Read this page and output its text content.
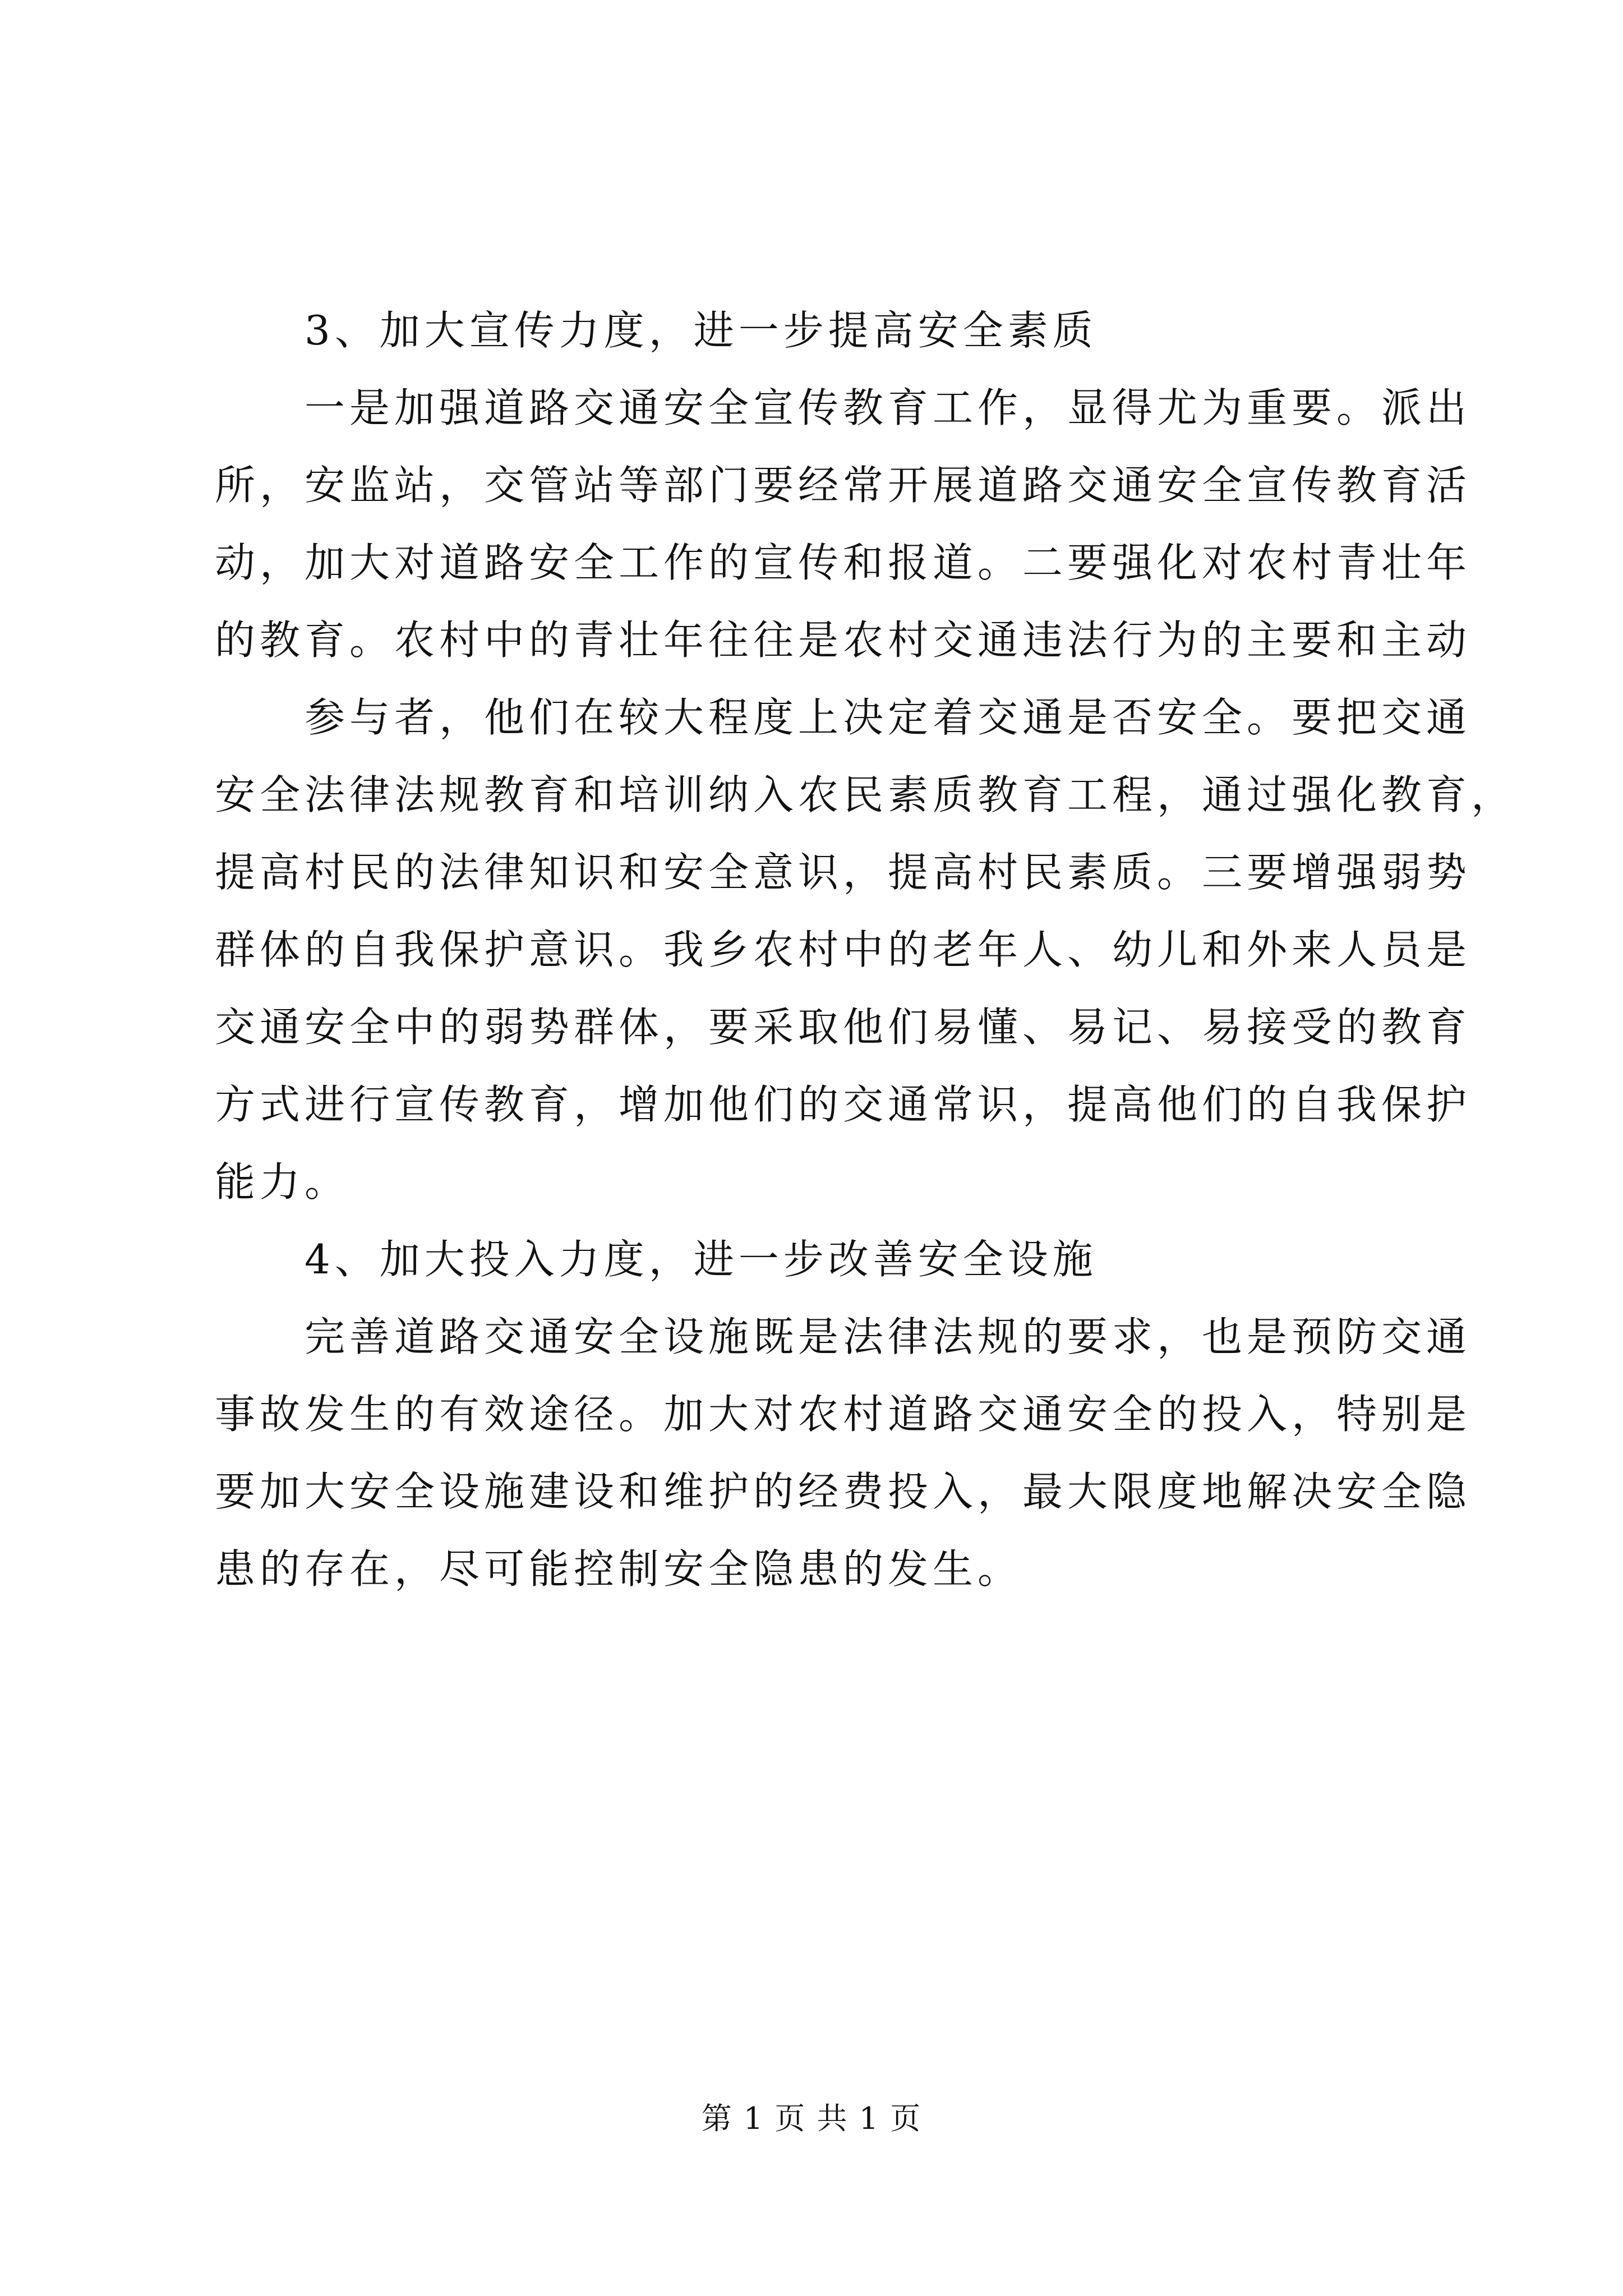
3、加大宣传力度，进一步提高安全素质
一是加强道路交通安全宣传教育工作，显得尤为重要。派出
所，安监站，交管站等部门要经常开展道路交通安全宣传教育活
动，加大对道路安全工作的宣传和报道。二要强化对农村青壮年
的教育。农村中的青壮年往往是农村交通违法行为的主要和主动
参与者，他们在较大程度上决定着交通是否安全。要把交通
安全法律法规教育和培训纳入农民素质教育工程，通过强化教育，
提高村民的法律知识和安全意识，提高村民素质。三要增强弱势
群体的自我保护意识。我乡农村中的老年人、幼儿和外来人员是
交通安全中的弱势群体，要采取他们易懂、易记、易接受的教育
方式进行宣传教育，增加他们的交通常识，提高他们的自我保护
能力。
4、加大投入力度，进一步改善安全设施
完善道路交通安全设施既是法律法规的要求，也是预防交通
事故发生的有效途径。加大对农村道路交通安全的投入，特别是
要加大安全设施建设和维护的经费投入，最大限度地解决安全隐
患的存在，尽可能控制安全隐患的发生。
第 1 页 共 1 页
